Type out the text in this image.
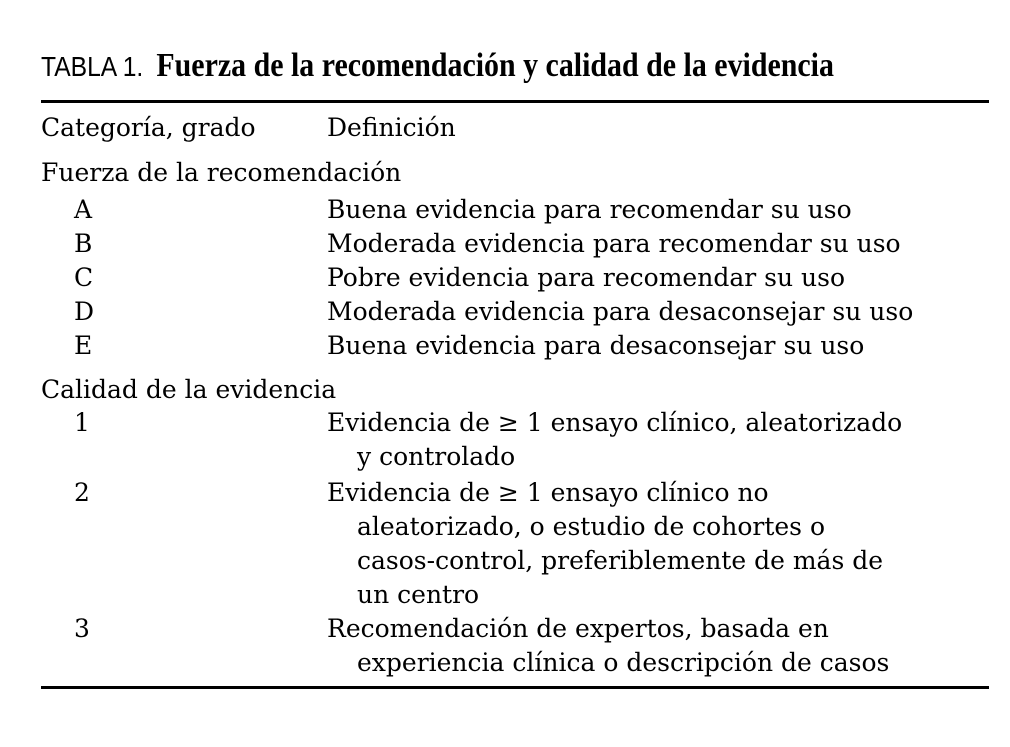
TABLA 1. Fuerza de la recomendación y calidad de la evidencia
Categoría, grado	Definición
Fuerza de la recomendación
A	Buena evidencia para recomendar su uso
B	Moderada evidencia para recomendar su uso
C	Pobre evidencia para recomendar su uso
D	Moderada evidencia para desaconsejar su uso
E	Buena evidencia para desaconsejar su uso
Calidad de la evidencia
1	Evidencia de ≥ 1 ensayo clínico, aleatorizado
y controlado
2	Evidencia de ≥ 1 ensayo clínico no
aleatorizado, o estudio de cohortes o
casos-control, preferiblemente de más de
un centro
3	Recomendación de expertos, basada en
experiencia clínica o descripción de casos
